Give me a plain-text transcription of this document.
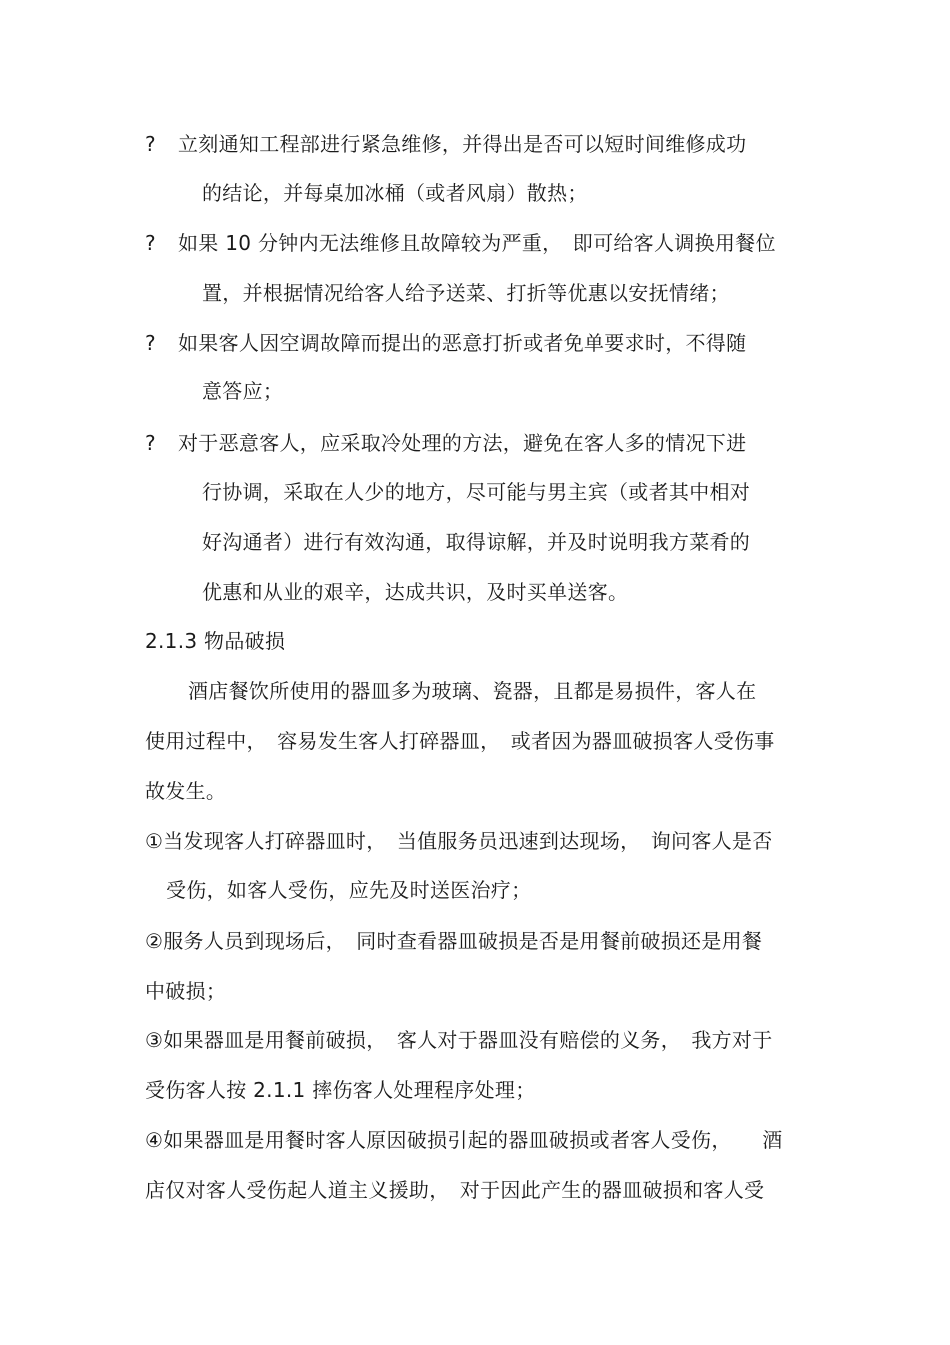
? 立刻通知工程部进行紧急维修，并得出是否可以短时间维修成功
的结论，并每桌加冰桶（或者风扇）散热；
? 如果 10 分钟内无法维修且故障较为严重，　即可给客人调换用餐位
置，并根据情况给客人给予送菜、打折等优惠以安抚情绪；
? 如果客人因空调故障而提出的恶意打折或者免单要求时，不得随
意答应；
? 对于恶意客人，应采取冷处理的方法，避免在客人多的情况下进
行协调，采取在人少的地方，尽可能与男主宾（或者其中相对
好沟通者）进行有效沟通，取得谅解，并及时说明我方菜肴的
优惠和从业的艰辛，达成共识，及时买单送客。
2.1.3 物品破损
酒店餐饮所使用的器皿多为玻璃、瓷器，且都是易损件，客人在
使用过程中，　容易发生客人打碎器皿，　或者因为器皿破损客人受伤事
故发生。
①当发现客人打碎器皿时，　当值服务员迅速到达现场，　询问客人是否
受伤，如客人受伤，应先及时送医治疗；
②服务人员到现场后，　同时查看器皿破损是否是用餐前破损还是用餐
中破损；
③如果器皿是用餐前破损，　客人对于器皿没有赔偿的义务，　我方对于
受伤客人按 2.1.1 摔伤客人处理程序处理；
④如果器皿是用餐时客人原因破损引起的器皿破损或者客人受伤，　　酒
店仅对客人受伤起人道主义援助，　对于因此产生的器皿破损和客人受
